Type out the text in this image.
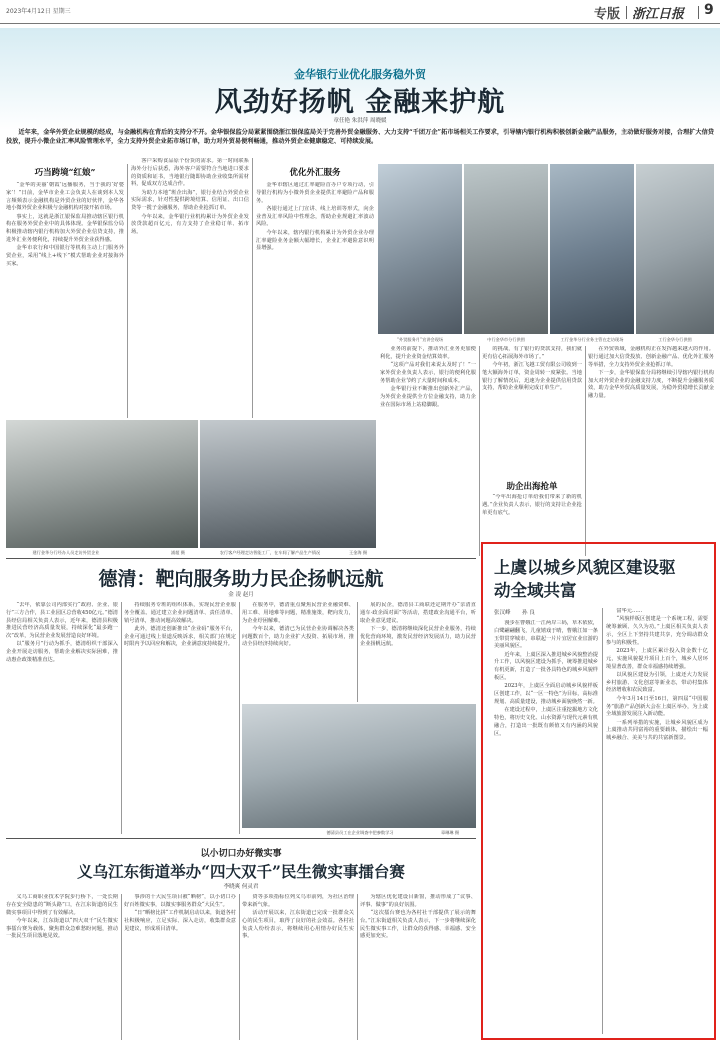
2023年4月12日 星期三	专版 浙江日报 9
金华银行业优化服务稳外贸
风劲好扬帆 金融来护航
章任艳 朱洪萍 周晓媛
近年来，金华外贸企业规模的经成，与金融机构在背后的支持分不开。金华银保监分局紧紧围绕浙江银保监局关于完善外贸金融服务、大力支持“千团万企”拓市场相关工作要求，引导辖内银行机构积极创新金融产品服务，主动做好服务对接，合理扩大信贷投放，提升小微企业汇率风险管理水平，全力支持外贸企业拓市场订单，助力对外贸易便利畅通，推动外贸企业健康稳定、可持续发展。
巧当跨境“红娘”

“金华的美丽‘朝霞’远播服务，当于我的‘好婆家’！”日前，金华市企业工会负责人在谈到本人发言频频表示金融机构是外贸企业的好伙伴，金华各地小微外贸企业积极与金融机构对接开拓市场。

事实上，这就是浙江银保监局推动辖区银行机构在服务外贸企业中的具体体现。金华银保监分局积极推动辖内银行机构加大外贸企业信贷支持，推进外汇业务便利化，持续提升外贸企业获得感。

金华市农行和中国银行等机构主动上门服务外贸企业，采用“线上+线下”模式帮助企业对接海外买家。

客户采购食品原个份货的需求。第一时间联系海外分行后获悉，海外客户需要符合当地进口要求的资质和证书，当地银行随即协助企业收集所需材料，促成双方达成合作。

为助力本地“班企出海”，银行业结合外贸企业实际需求，针对性提供跨境结算、信用证、出口信贷等一揽子金融服务，帮助企业抢抓订单。

今年以来，金华银行业机构累计为外贸企业发放贷款超百亿元，有力支持了企业稳订单、拓市场。

优化外汇服务

金华市辖区通过汇率避险首办户专项行动，引导银行机构为小微外贸企业提供汇率避险产品和服务。

各银行通过上门宣讲、线上培训等形式，向企业普及汇率风险中性理念，帮助企业规避汇率波动风险。

今年以来，辖内银行机构累计为外贸企业办理汇率避险业务金额大幅增长，企业汇率避险意识明显增强。

“外贸服务月”宣讲会现场	中行金华市分行供图	工行金华分行业务主管在走访现场	工行金华分行供图
建行金华分行经办人员走访外贸企业	浦超 摄	农行客户经理走访智能工厂，在车间了解产品生产情况	王金海 摄

业务的前提下，推动外汇业务更加便利化，提升企业资金结算效率。

“这项产品对我们来说太及时了！”一家外贸企业负责人表示，银行的便利化服务帮助企业节约了大量时间和成本。

金华银行业不断推出创新外汇产品，为外贸企业提供全方位金融支持，助力企业在国际市场上站稳脚跟。

的挑战，有了银行的贷款支持，我们就更有信心拓展海外市场了。”

今年初，浙江飞越工贸有限公司收到一笔大额海外订单，资金周转一度紧张。当地银行了解情况后，迅速为企业提供信用贷款支持，帮助企业顺利完成订单生产。

助企出海抢单

“今年出海抢订单给我们带来了新的机遇。”企业负责人表示，银行的支持让企业抢单更有底气。

在外贸领域，金融机构正在发挥越来越大的作用。银行通过加大信贷投放、创新金融产品、优化外汇服务等举措，全力支持外贸企业抢抓订单。

下一步，金华银保监分局将继续引导辖内银行机构加大对外贸企业的金融支持力度，不断提升金融服务质效，助力金华外贸高质量发展，为稳外贸稳增长贡献金融力量。

德清：靶向服务助力民企扬帆远航
金 凌 赵月

“去年，依靠公司内部实行“政府、企业、银行”三方合作，县工业园区总营收450亿元。”德清县经信局相关负责人表示，近年来，德清县积极推进民营经济高质量发展，持续深化“最多跑一次”改革，为民营企业发展营造良好环境。

以“服务月”行动为抓手，德清组织干部深入企业开展走访服务，帮助企业解决实际困难，推动惠企政策精准直达。

持续服务专班的组织体系，实现民营企业服务全覆盖。通过建立企业问题清单、责任清单、销号清单，推动问题高效解决。

此外，德清还创新推出“企业码”服务平台，企业可通过线上渠道反映诉求，相关部门在规定时限内予以回应和解决，企业满意度持续提升。

在服务中，德清重点聚焦民营企业融资难、用工难、用地难等问题，精准施策，靶向发力，为企业纾困解难。

今年以来，德清已为民营企业协调解决各类问题数百个，助力企业扩大投资、拓展市场，推动全县经济持续向好。

展的民企，德清县工商联还定期开办“亲清直通车·政企面对面”等活动，搭建政企沟通平台，听取企业意见建议。

下一步，德清将继续深化民营企业服务，持续优化营商环境，激发民营经济发展活力，助力民营企业扬帆远航。

德清县员工在企业调查中把参数学习	章琳琳 摄
以小切口办好微实事
义乌江东街道举办“四大双千”民生微实事擂台赛
李晓爽 何灵君

义乌工商职业技术学院步行桥下，一处长期存在安全隐患的“断头路”口，在江东街道的民生微实事项目中得到了有效解决。

今年以来，江东街道以“四大双千”民生微实事擂台赛为载体，聚焦群众急难愁盼问题，推动一批民生项目落地见效。

事涉的十大民生项目被“晒榜”，以小切口办好百姓微实事，以微实事服务群众“大民生”。

“日”晒榜比拼“工作机制启动以来，街道各村社积极响应，立足实际、深入走访，收集群众意见建议，形成项目清单。

资等多项指标位列义乌市前列，为社区治理带来新气象。

活动开展以来，江东街道已完成一批群众关心的民生项目，取得了良好的社会效益。各村社负责人纷纷表示，将继续用心用情办好民生实事。

为辖区优化建设目新窗，推动形成了“议事、评事、做事”的良好氛围。

“这次擂台赛也为各村社干部提供了展示的舞台。”江东街道相关负责人表示，下一步将继续深化民生微实事工作，让群众的获得感、幸福感、安全感更加充实。

上虞以城乡风貌区建设驱动全域共富
张汉峰 孙 良

漫步在曹娥江一江两岸三码，草木依依，白鹭翩翩翻飞，儿童嬉戏于晴，曹娥江如一条玉带贯穿城市，串联起一片片宜居宜业宜游的美丽风貌区。

近年来，上虞区深入推进城乡风貌整治提升工作，以风貌区建设为抓手，统筹推进城乡有机更新，打造了一批各具特色的城乡风貌样板区。

2023年，上虞区全面启动城乡风貌样板区创建工作，以“一区一特色”为目标，高标准规划、高质量建设，推动城乡面貌焕然一新。

在建设过程中，上虞区注重挖掘地方文化特色，将历史文化、山水资源与现代元素有机融合，打造出一批既有颜值又有内涵的风貌区。

富华元……

“风貌样板区创建是一个系统工程，需要统筹兼顾、久久为功。”上虞区相关负责人表示，全区上下坚持共建共享，充分调动群众参与的积极性。

2023年，上虞区累计投入资金数十亿元，实施风貌提升项目上百个，城乡人居环境显著改善，群众幸福感持续增强。

以风貌区建设为引领，上虞还大力发展乡村旅游、文化创意等新业态，带动村集体经济增收和农民致富。

今年3月14日至16日，第四届“中国服务”旅游产品创新大会在上虞区举办，为上虞全域旅游发展注入新动能。

一系列举措的实施，让城乡风貌区成为上虞推动共同富裕的重要载体，描绘出一幅城乡融合、美美与共的共富新图景。
